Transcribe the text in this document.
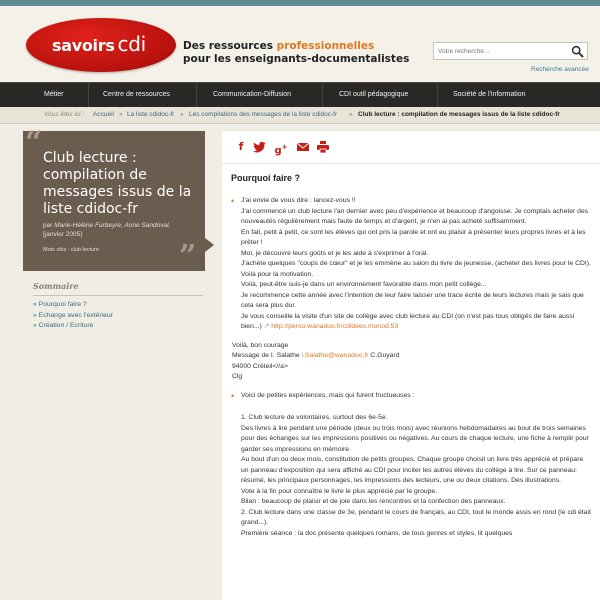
savoirs cdi	Des ressources professionnelles
pour les enseignants-documentalistes
Votre recherche...
Recherche avancée
Métier	Centre de ressources	Communication-Diffusion	CDI outil pédagogique	Société de l'information
Vous êtes ici : Accueil » La liste cdidoc-fr » Les compilations des messages de la liste cdidoc-fr » Club lecture : compilation de messages issus de la liste cdidoc-fr
“ Club lecture : compilation de messages issus de la liste cdidoc-fr
par Marie-Hélène Furbeyre, Anne Sandoval,
[janvier 2005]
Mots clés : club lecture	”
Sommaire
» Pourquoi faire ?
» Echange avec l'extérieur
» Création / Ecriture
f	g+
Pourquoi faire ?

• J'ai envie de vous dire : lancez-vous !!

J'ai commencé un club lecture l'an dernier avec peu d'expérience et beaucoup d'angoisse. Je comptais acheter des nouveautés régulièrement mais faute de temps et d'argent, je n'en ai pas acheté suffisamment.

En fait, petit à petit, ce sont les élèves qui ont pris la parole et ont eu plaisir à présenter leurs propres livres et à les prêter !

Moi, je découvre leurs goûts et je les aide à s'exprimer à l'oral.

J'achète quelques "coups de cœur" et je les emmène au salon du livre de jeunesse, (acheter des livres pour le CDI). Voilà pour la motivation.

Voilà, peut-être suis-je dans un environnement favorable dans mon petit collège...

Je recommence cette année avec l'intention de leur faire laisser une trace écrite de leurs lectures mais je sais que cela sera plus dur.

Je vous conseille la visite d'un site de collège avec club lecture au CDI (on n'est pas tous obligés de faire aussi bien...) ↗ http://perso.wanadoo.fr/cdidees.monod.53

Voilà, bon courage

Message de I. Salathe i.Salathe@wanadoo.fr C.Guyard

94000 Créteil<//a>

Clg

• Voici de petites expériences, mais qui furent fructueuses :

1. Club lecture de volontaires, surtout des 6e-5e.

Des livres à lire pendant une période (deux ou trois mois) avec réunions hebdomadaires au bout de trois semaines pour des échanges sur les impressions positives ou négatives. Au cours de chaque lecture, une fiche à remplir pour garder ses impressions en mémoire.

Au bout d'un ou deux mois, constitution de petits groupes. Chaque groupe choisit un livre très apprécié et prépare un panneau d'exposition qui sera affiché au CDI pour inciter les autres élèves du collège à lire. Sur ce panneau: résumé, les principaux personnages, les impressions des lecteurs, une ou deux citations. Des illustrations.

Vote à la fin pour connaître le livre le plus apprécié par le groupe.

Bilan : beaucoup de plaisir et de joie dans les rencontres et la confection des panneaux.

2. Club lecture dans une classe de 3e, pendant le cours de français, au CDI, tout le monde assis en rond (le cdi était grand...).

Première séance : la doc présente quelques romans, de tous genres et styles, lit quelques
